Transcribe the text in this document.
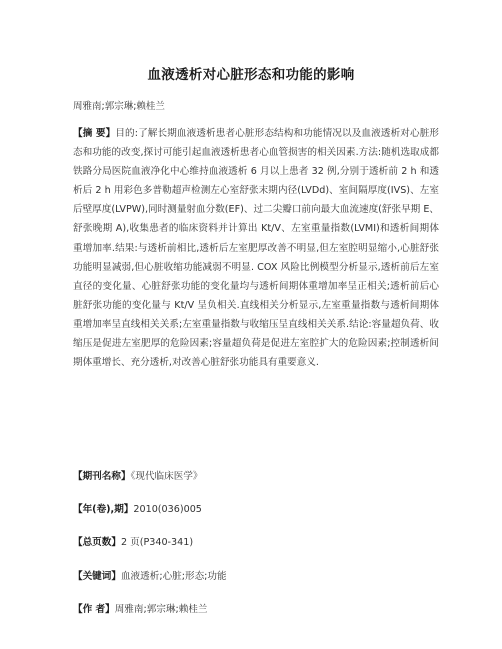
血液透析对心脏形态和功能的影响
周雅南;郭宗琳;赖桂兰
【摘 要】目的:了解长期血液透析患者心脏形态结构和功能情况以及血液透析对心脏形态和功能的改变,探讨可能引起血液透析患者心血管损害的相关因素.方法:随机选取成都铁路分局医院血液净化中心维持血液透析 6 月以上患者 32 例,分别于透析前 2 h 和透析后 2 h 用彩色多普勒超声检测左心室舒张末期内径(LVDd)、室间隔厚度(IVS)、左室后壁厚度(LVPW),同时测量射血分数(EF)、过二尖瓣口前向最大血流速度(舒张早期 E、舒张晚期 A),收集患者的临床资料并计算出 Kt/V、左室重量指数(LVMI)和透析间期体重增加率.结果:与透析前相比,透析后左室肥厚改善不明显,但左室腔明显缩小,心脏舒张功能明显减弱,但心脏收缩功能减弱不明显. COX 风险比例模型分析显示,透析前后左室直径的变化量、心脏舒张功能的变化量均与透析间期体重增加率呈正相关;透析前后心脏舒张功能的变化量与 Kt/V 呈负相关.直线相关分析显示,左室重量指数与透析间期体重增加率呈直线相关关系;左室重量指数与收缩压呈直线相关关系.结论:容量超负荷、收缩压是促进左室肥厚的危险因素;容量超负荷是促进左室腔扩大的危险因素;控制透析间期体重增长、充分透析,对改善心脏舒张功能具有重要意义.
【期刊名称】《现代临床医学》
【年(卷),期】2010(036)005
【总页数】2 页(P340-341)
【关键词】血液透析;心脏;形态;功能
【作 者】周雅南;郭宗琳;赖桂兰
